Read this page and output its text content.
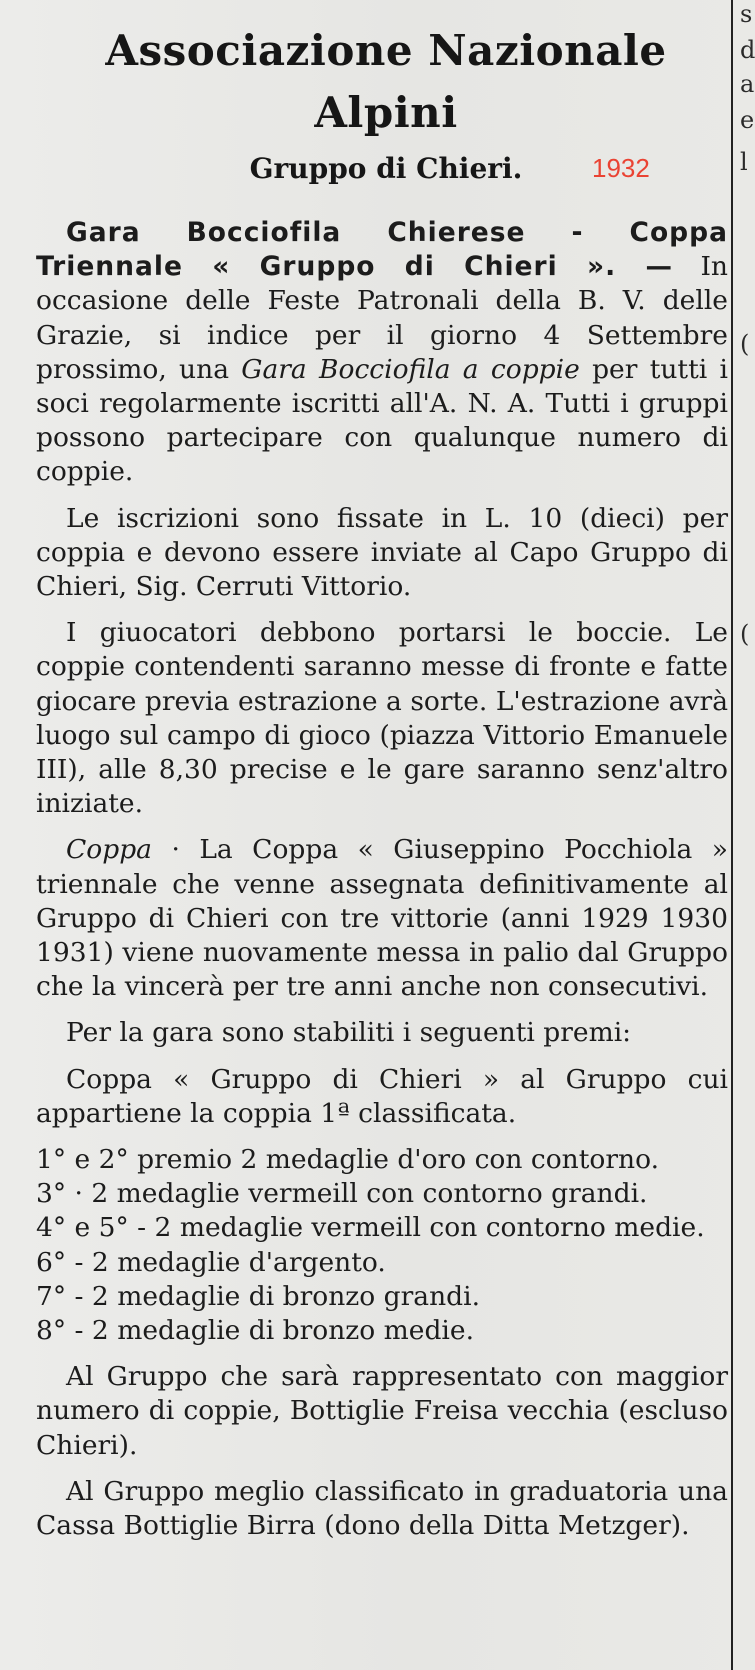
Associazione Nazionale Alpini
Gruppo di Chieri.	1932

Gara Bocciofila Chierese - Coppa Triennale « Gruppo di Chieri ». — In occasione delle Feste Patronali della B. V. delle Grazie, si indice per il giorno 4 Settembre prossimo, una Gara Bocciofila a coppie per tutti i soci regolarmente iscritti all'A. N. A. Tutti i gruppi possono partecipare con qualunque numero di coppie.

Le iscrizioni sono fissate in L. 10 (dieci) per coppia e devono essere inviate al Capo Gruppo di Chieri, Sig. Cerruti Vittorio.

I giuocatori debbono portarsi le boccie. Le coppie contendenti saranno messe di fronte e fatte giocare previa estrazione a sorte. L'estrazione avrà luogo sul campo di gioco (piazza Vittorio Emanuele III), alle 8,30 precise e le gare saranno senz'altro iniziate.

Coppa · La Coppa « Giuseppino Pocchiola » triennale che venne assegnata definitivamente al Gruppo di Chieri con tre vittorie (anni 1929 1930 1931) viene nuovamente messa in palio dal Gruppo che la vincerà per tre anni anche non consecutivi.

Per la gara sono stabiliti i seguenti premi:

Coppa « Gruppo di Chieri » al Gruppo cui appartiene la coppia 1ª classificata.

1° e 2° premio 2 medaglie d'oro con contorno.
3° · 2 medaglie vermeill con contorno grandi.
4° e 5° - 2 medaglie vermeill con contorno medie.
6° - 2 medaglie d'argento.
7° - 2 medaglie di bronzo grandi.
8° - 2 medaglie di bronzo medie.

Al Gruppo che sarà rappresentato con maggior numero di coppie, Bottiglie Freisa vecchia (escluso Chieri).

Al Gruppo meglio classificato in graduatoria una Cassa Bottiglie Birra (dono della Ditta Metzger).

s
d
a
e
l
(
(
